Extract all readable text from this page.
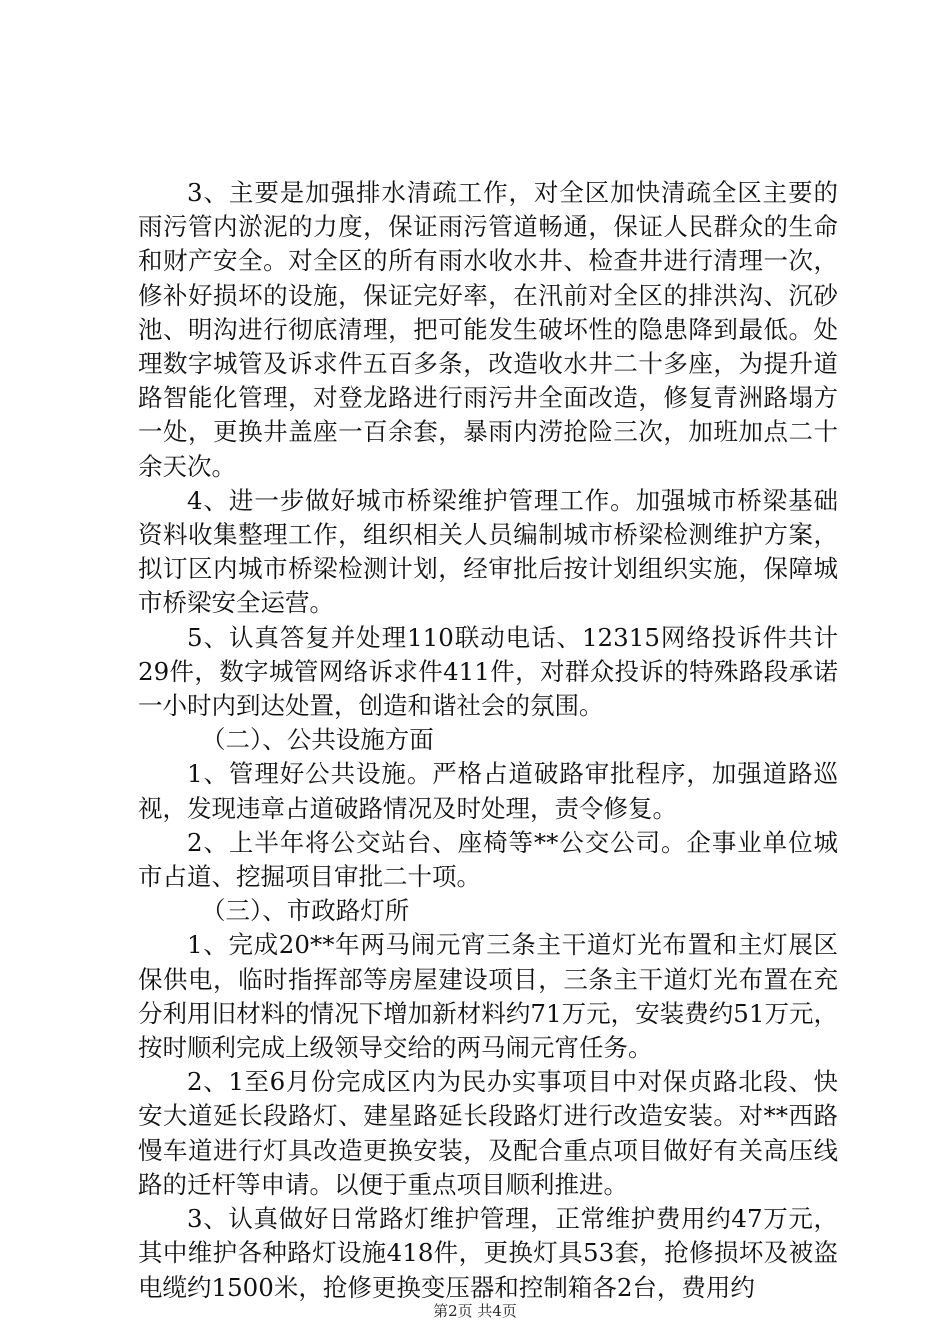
3、主要是加强排水清疏工作，对全区加快清疏全区主要的雨污管内淤泥的力度，保证雨污管道畅通，保证人民群众的生命和财产安全。对全区的所有雨水收水井、检查井进行清理一次，修补好损坏的设施，保证完好率，在汛前对全区的排洪沟、沉砂池、明沟进行彻底清理，把可能发生破坏性的隐患降到最低。处理数字城管及诉求件五百多条，改造收水井二十多座，为提升道路智能化管理，对登龙路进行雨污井全面改造，修复青洲路塌方一处，更换井盖座一百余套，暴雨内涝抢险三次，加班加点二十余天次。

4、进一步做好城市桥梁维护管理工作。加强城市桥梁基础资料收集整理工作，组织相关人员编制城市桥梁检测维护方案，拟订区内城市桥梁检测计划，经审批后按计划组织实施，保障城市桥梁安全运营。

5、认真答复并处理110联动电话、12315网络投诉件共计29件，数字城管网络诉求件411件，对群众投诉的特殊路段承诺一小时内到达处置，创造和谐社会的氛围。

（二）、公共设施方面

1、管理好公共设施。严格占道破路审批程序，加强道路巡视，发现违章占道破路情况及时处理，责令修复。

2、上半年将公交站台、座椅等**公交公司。企事业单位城市占道、挖掘项目审批二十项。

（三）、市政路灯所

1、完成20**年两马闹元宵三条主干道灯光布置和主灯展区保供电，临时指挥部等房屋建设项目，三条主干道灯光布置在充分利用旧材料的情况下增加新材料约71万元，安装费约51万元，按时顺利完成上级领导交给的两马闹元宵任务。

2、1至6月份完成区内为民办实事项目中对保贞路北段、快安大道延长段路灯、建星路延长段路灯进行改造安装。对**西路慢车道进行灯具改造更换安装，及配合重点项目做好有关高压线路的迁杆等申请。以便于重点项目顺利推进。

3、认真做好日常路灯维护管理，正常维护费用约47万元，其中维护各种路灯设施418件，更换灯具53套，抢修损坏及被盗电缆约1500米，抢修更换变压器和控制箱各2台，费用约

第2页 共4页
